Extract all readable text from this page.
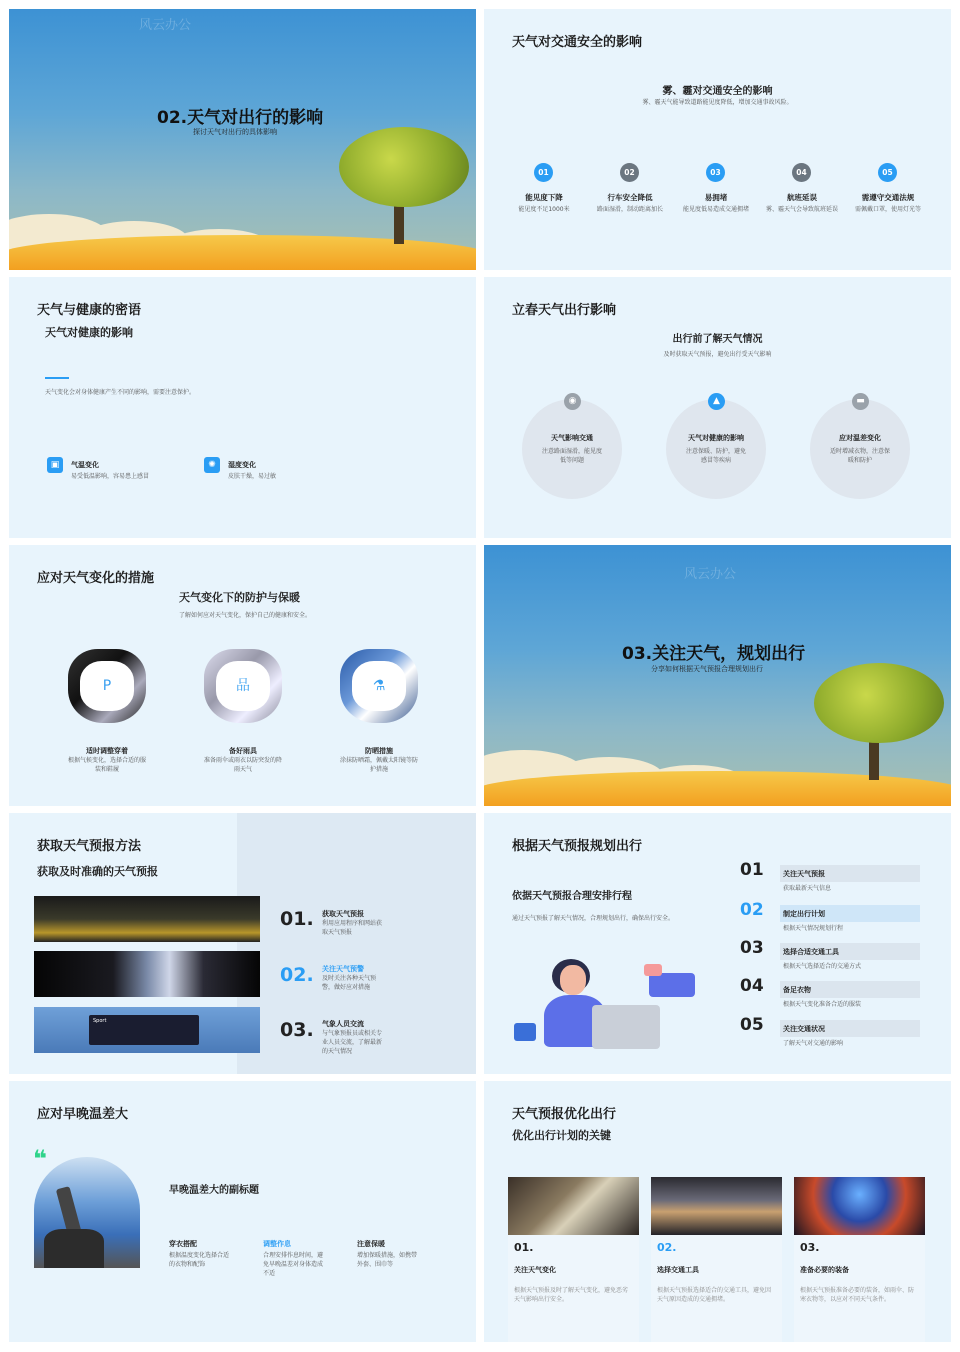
风云办公
02.天气对出行的影响
探讨天气对出行的具体影响
天气对交通安全的影响
雾、霾对交通安全的影响
雾、霾天气能导致道路能见度降低，增加交通事故风险。
01
能见度下降
能见度不足1000米
02
行车安全降低
路面湿滑，制动距离加长
03
易拥堵
能见度低易造成交通拥堵
04
航班延误
雾、霾天气会导致航班延误
05
需遵守交通法规
需佩戴口罩，使用灯光等
天气与健康的密语
天气对健康的影响
天气变化会对身体健康产生不同的影响，需要注意保护。
▣	气温变化
易受低温影响，容易患上感冒
✺	湿度变化
皮肤干燥，易过敏
立春天气出行影响
出行前了解天气情况
及时获取天气预报，避免出行受天气影响
◉
天气影响交通
注意路面湿滑，能见度低等问题
▲
天气对健康的影响
注意保暖、防护，避免感冒等疾病
▬
应对温差变化
适时增减衣物，注意保暖和防护
应对天气变化的措施
天气变化下的防护与保暖
了解如何应对天气变化，保护自己的健康和安全。
P
适时调整穿着
根据气候变化，选择合适的服装和鞋履
品
备好雨具
准备雨伞或雨衣以防突发的降雨天气
⚗
防晒措施
涂抹防晒霜，佩戴太阳镜等防护措施
风云办公
03.关注天气，规划出行
分享如何根据天气预报合理规划出行
获取天气预报方法
获取及时准确的天气预报
Sport
01. 获取天气预报
利用应用程序和网站获取天气预报
02. 关注天气预警
及时关注各种天气预警，做好应对措施
03. 气象人员交流
与气象预报员或相关专业人员交流，了解最新的天气情况
根据天气预报规划出行
依据天气预报合理安排行程
通过天气预报了解天气情况，合理规划出行，确保出行安全。
01	关注天气预报
获取最新天气信息
02	制定出行计划
根据天气情况规划行程
03	选择合适交通工具
根据天气选择适合的交通方式
04	备足衣物
根据天气变化准备合适的服装
05	关注交通状况
了解天气对交通的影响
应对早晚温差大
❝
早晚温差大的副标题
穿衣搭配
根据温度变化选择合适的衣物和配饰
调整作息
合理安排作息时间，避免早晚温差对身体造成不适
注意保暖
增加保暖措施，如携带外套、围巾等
天气预报优化出行
优化出行计划的关键
01.
关注天气变化
根据天气预报及时了解天气变化，避免恶劣天气影响出行安全。
02.
选择交通工具
根据天气预报选择适合的交通工具，避免因天气原因造成的交通拥堵。
03.
准备必要的装备
根据天气预报准备必要的装备，如雨伞、防寒衣物等，以应对不同天气条件。
